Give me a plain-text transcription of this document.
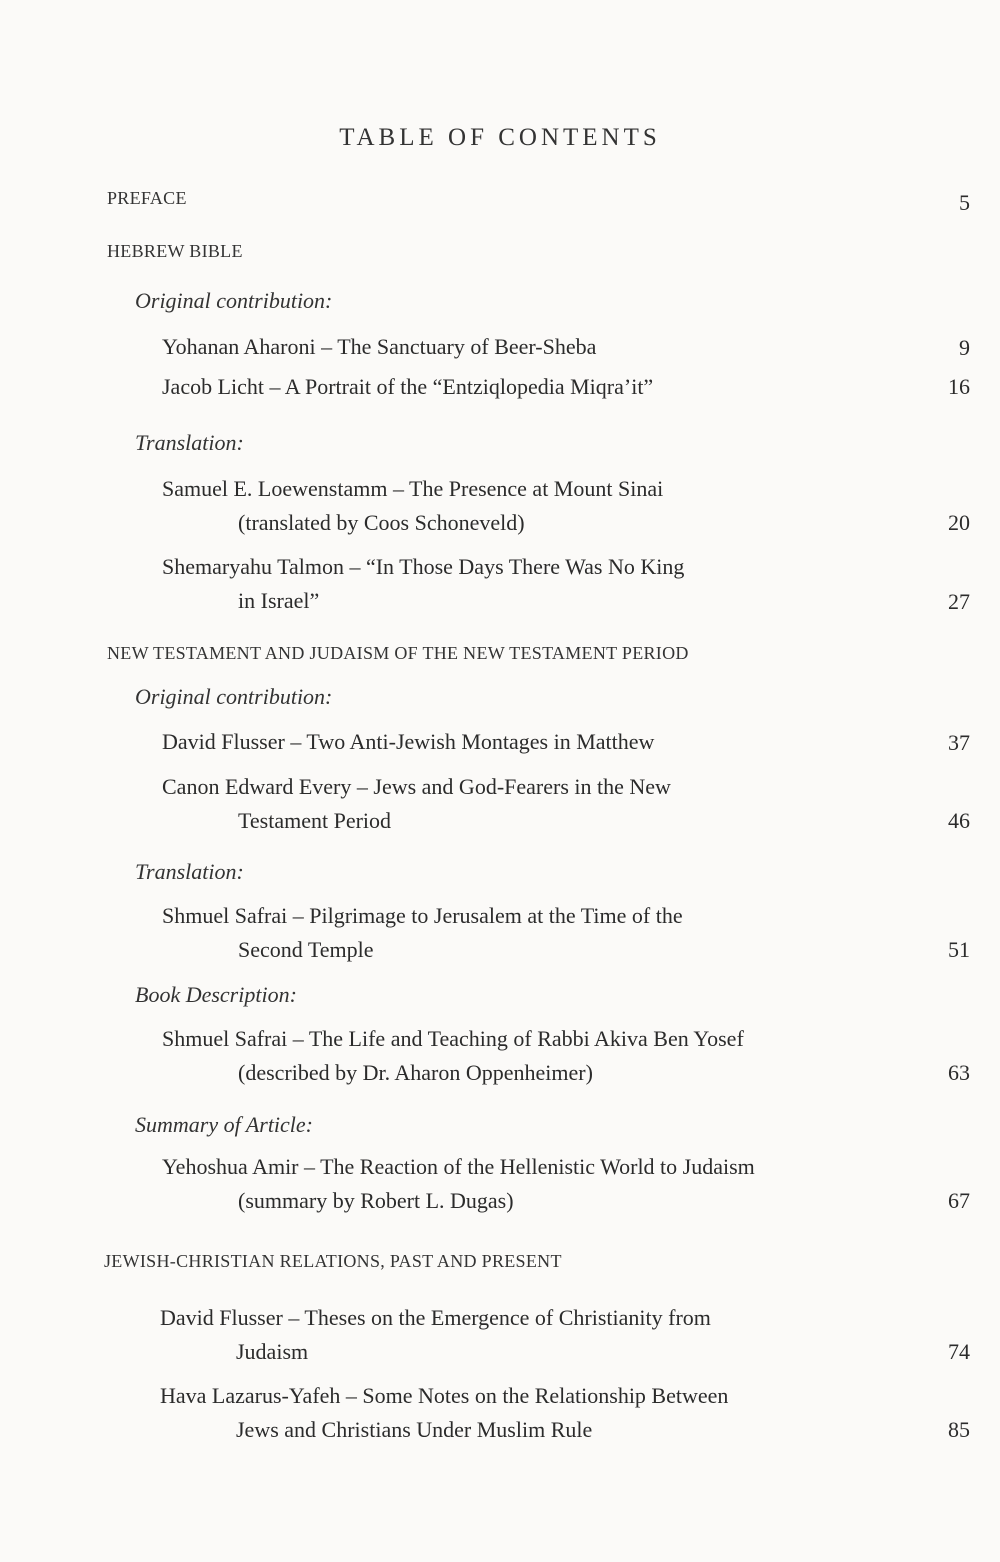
TABLE OF CONTENTS
PREFACE	5
HEBREW BIBLE
Original contribution:
Yohanan Aharoni – The Sanctuary of Beer-Sheba	9
Jacob Licht – A Portrait of the “Entziqlopedia Miqra’it”	16
Translation:
Samuel E. Loewenstamm – The Presence at Mount Sinai
(translated by Coos Schoneveld)	20
Shemaryahu Talmon – “In Those Days There Was No King
in Israel”	27
NEW TESTAMENT AND JUDAISM OF THE NEW TESTAMENT PERIOD
Original contribution:
David Flusser – Two Anti-Jewish Montages in Matthew	37
Canon Edward Every – Jews and God-Fearers in the New
Testament Period	46
Translation:
Shmuel Safrai – Pilgrimage to Jerusalem at the Time of the
Second Temple	51
Book Description:
Shmuel Safrai – The Life and Teaching of Rabbi Akiva Ben Yosef
(described by Dr. Aharon Oppenheimer)	63
Summary of Article:
Yehoshua Amir – The Reaction of the Hellenistic World to Judaism
(summary by Robert L. Dugas)	67
JEWISH-CHRISTIAN RELATIONS, PAST AND PRESENT
David Flusser – Theses on the Emergence of Christianity from
Judaism	74
Hava Lazarus-Yafeh – Some Notes on the Relationship Between
Jews and Christians Under Muslim Rule	85
